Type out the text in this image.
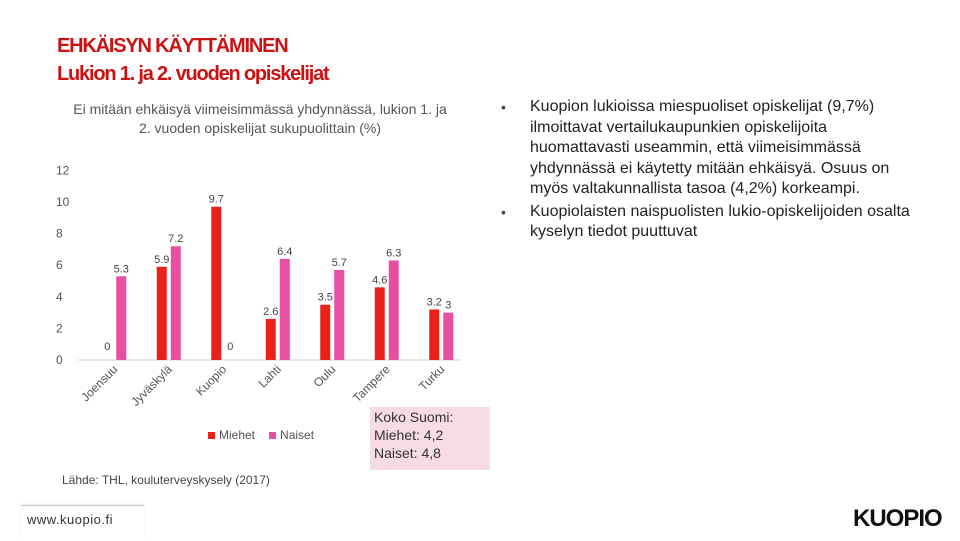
EHKÄISYN KÄYTTÄMINEN
Lukion 1. ja 2. vuoden opiskelijat
Ei mitään ehkäisyä viimeisimmässä yhdynnässä, lukion 1. ja 2. vuoden opiskelijat sukupuolittain (%)
0
2
4
6
8
10
12
0
5.3
Joensuu
5.9
7.2
Jyväskylä
9.7
0
Kuopio
2.6
6.4
Lahti
3.5
5.7
Oulu
4.6
6.3
Tampere
3.2 3
Turku
Miehet Naiset
Koko Suomi:
Miehet: 4,2
Naiset: 4,8
Lähde: THL, kouluterveyskysely (2017)
• Kuopion lukioissa miespuoliset opiskelijat (9,7%) ilmoittavat vertailukaupunkien opiskelijoita huomattavasti useammin, että viimeisimmässä yhdynnässä ei käytetty mitään ehkäisyä. Osuus on myös valtakunnallista tasoa (4,2%) korkeampi.
• Kuopiolaisten naispuolisten lukio-opiskelijoiden osalta kyselyn tiedot puuttuvat
www.kuopio.fi	KUOPIO
